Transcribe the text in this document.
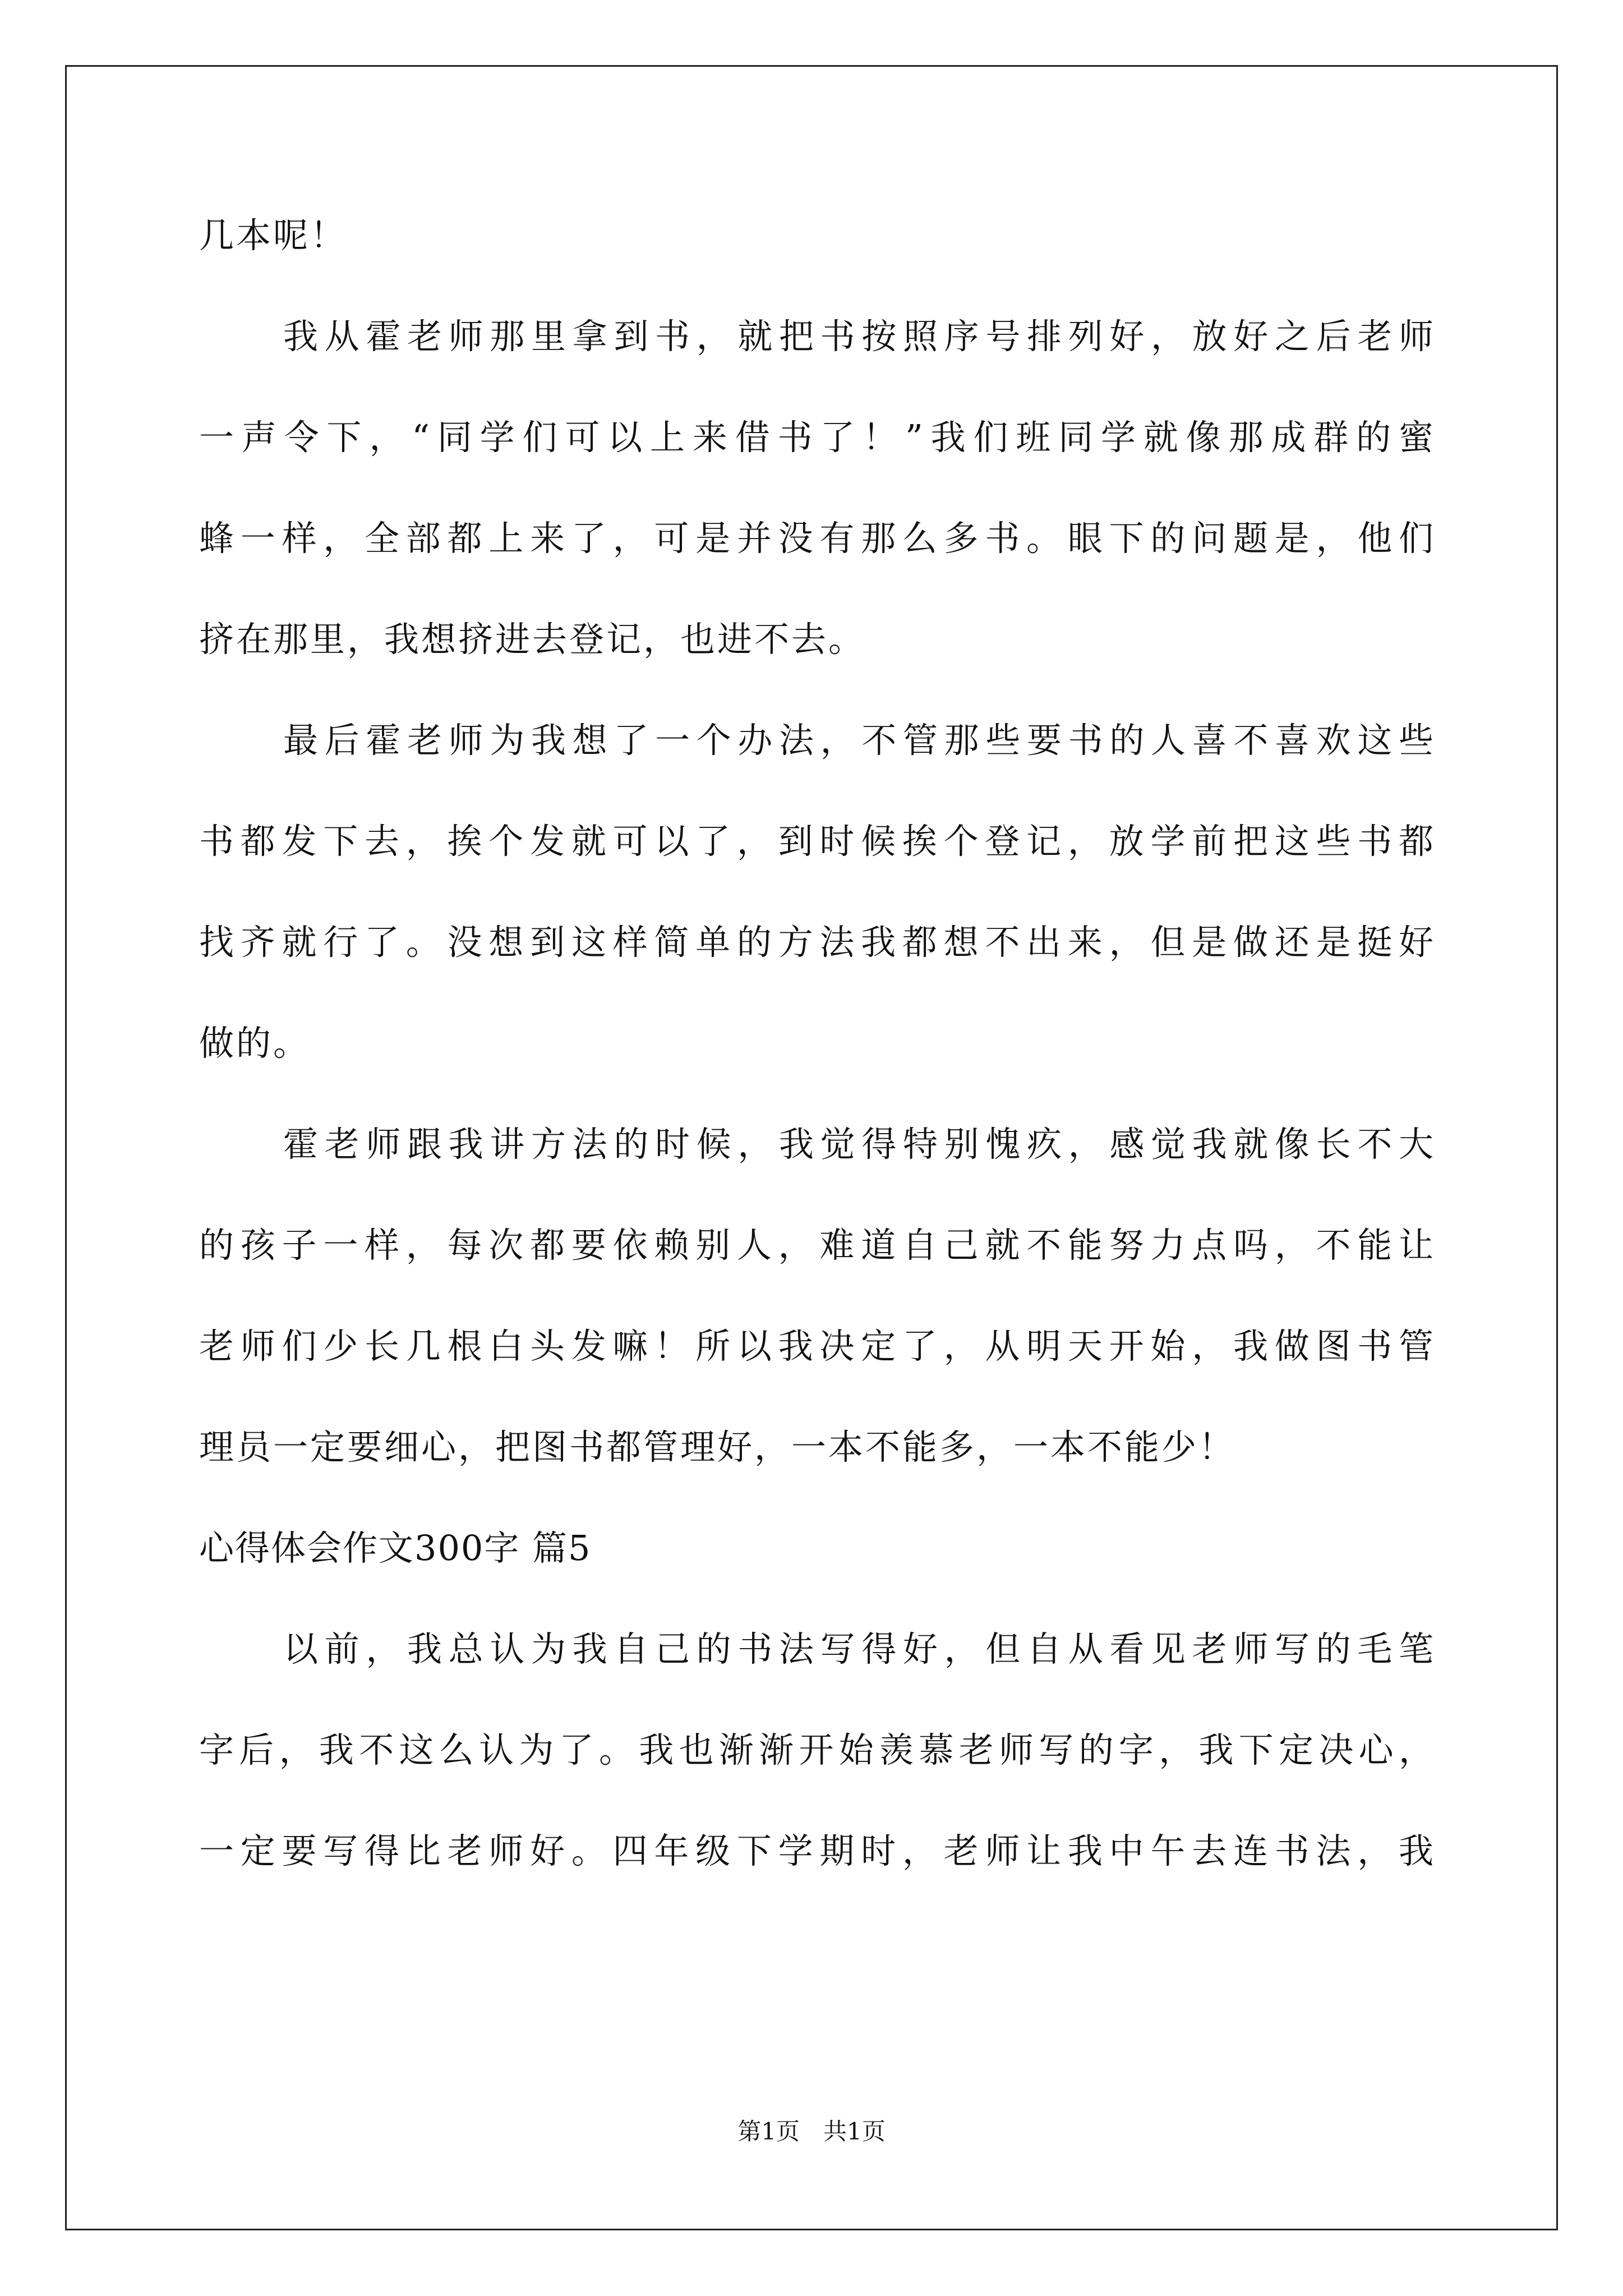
几本呢！
我从霍老师那里拿到书，就把书按照序号排列好，放好之后老师
一声令下，“同学们可以上来借书了！”我们班同学就像那成群的蜜
蜂一样，全部都上来了，可是并没有那么多书。眼下的问题是，他们
挤在那里，我想挤进去登记，也进不去。
最后霍老师为我想了一个办法，不管那些要书的人喜不喜欢这些
书都发下去，挨个发就可以了，到时候挨个登记，放学前把这些书都
找齐就行了。没想到这样简单的方法我都想不出来，但是做还是挺好
做的。
霍老师跟我讲方法的时候，我觉得特别愧疚，感觉我就像长不大
的孩子一样，每次都要依赖别人，难道自己就不能努力点吗，不能让
老师们少长几根白头发嘛！所以我决定了，从明天开始，我做图书管
理员一定要细心，把图书都管理好，一本不能多，一本不能少！
心得体会作文300字 篇5
以前，我总认为我自己的书法写得好，但自从看见老师写的毛笔
字后，我不这么认为了。我也渐渐开始羡慕老师写的字，我下定决心，
一定要写得比老师好。四年级下学期时，老师让我中午去连书法，我
第1页　共1页
